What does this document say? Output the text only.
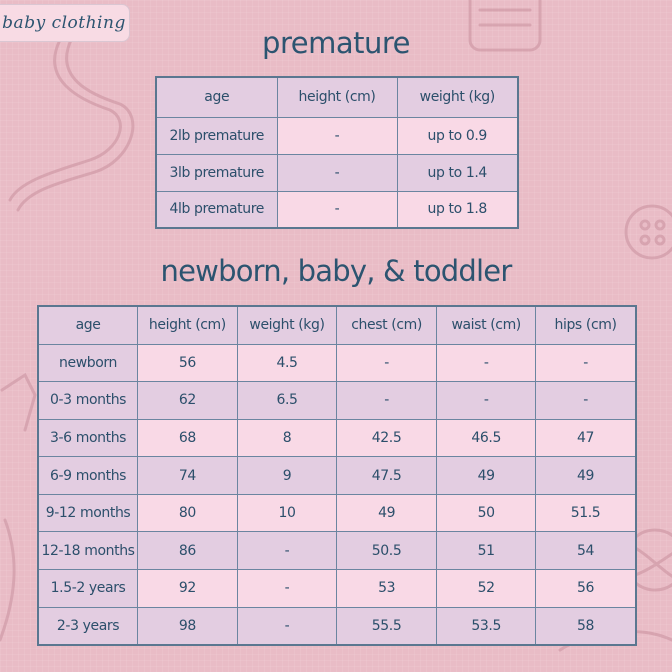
baby clothing
premature
age	height (cm)	weight (kg)
2lb premature	-	up to 0.9
3lb premature	-	up to 1.4
4lb premature	-	up to 1.8
newborn, baby, & toddler
age	height (cm)	weight (kg)	chest (cm)	waist (cm)	hips (cm)
newborn	56	4.5	-	-	-
0-3 months	62	6.5	-	-	-
3-6 months	68	8	42.5	46.5	47
6-9 months	74	9	47.5	49	49
9-12 months	80	10	49	50	51.5
12-18 months	86	-	50.5	51	54
1.5-2 years	92	-	53	52	56
2-3 years	98	-	55.5	53.5	58
